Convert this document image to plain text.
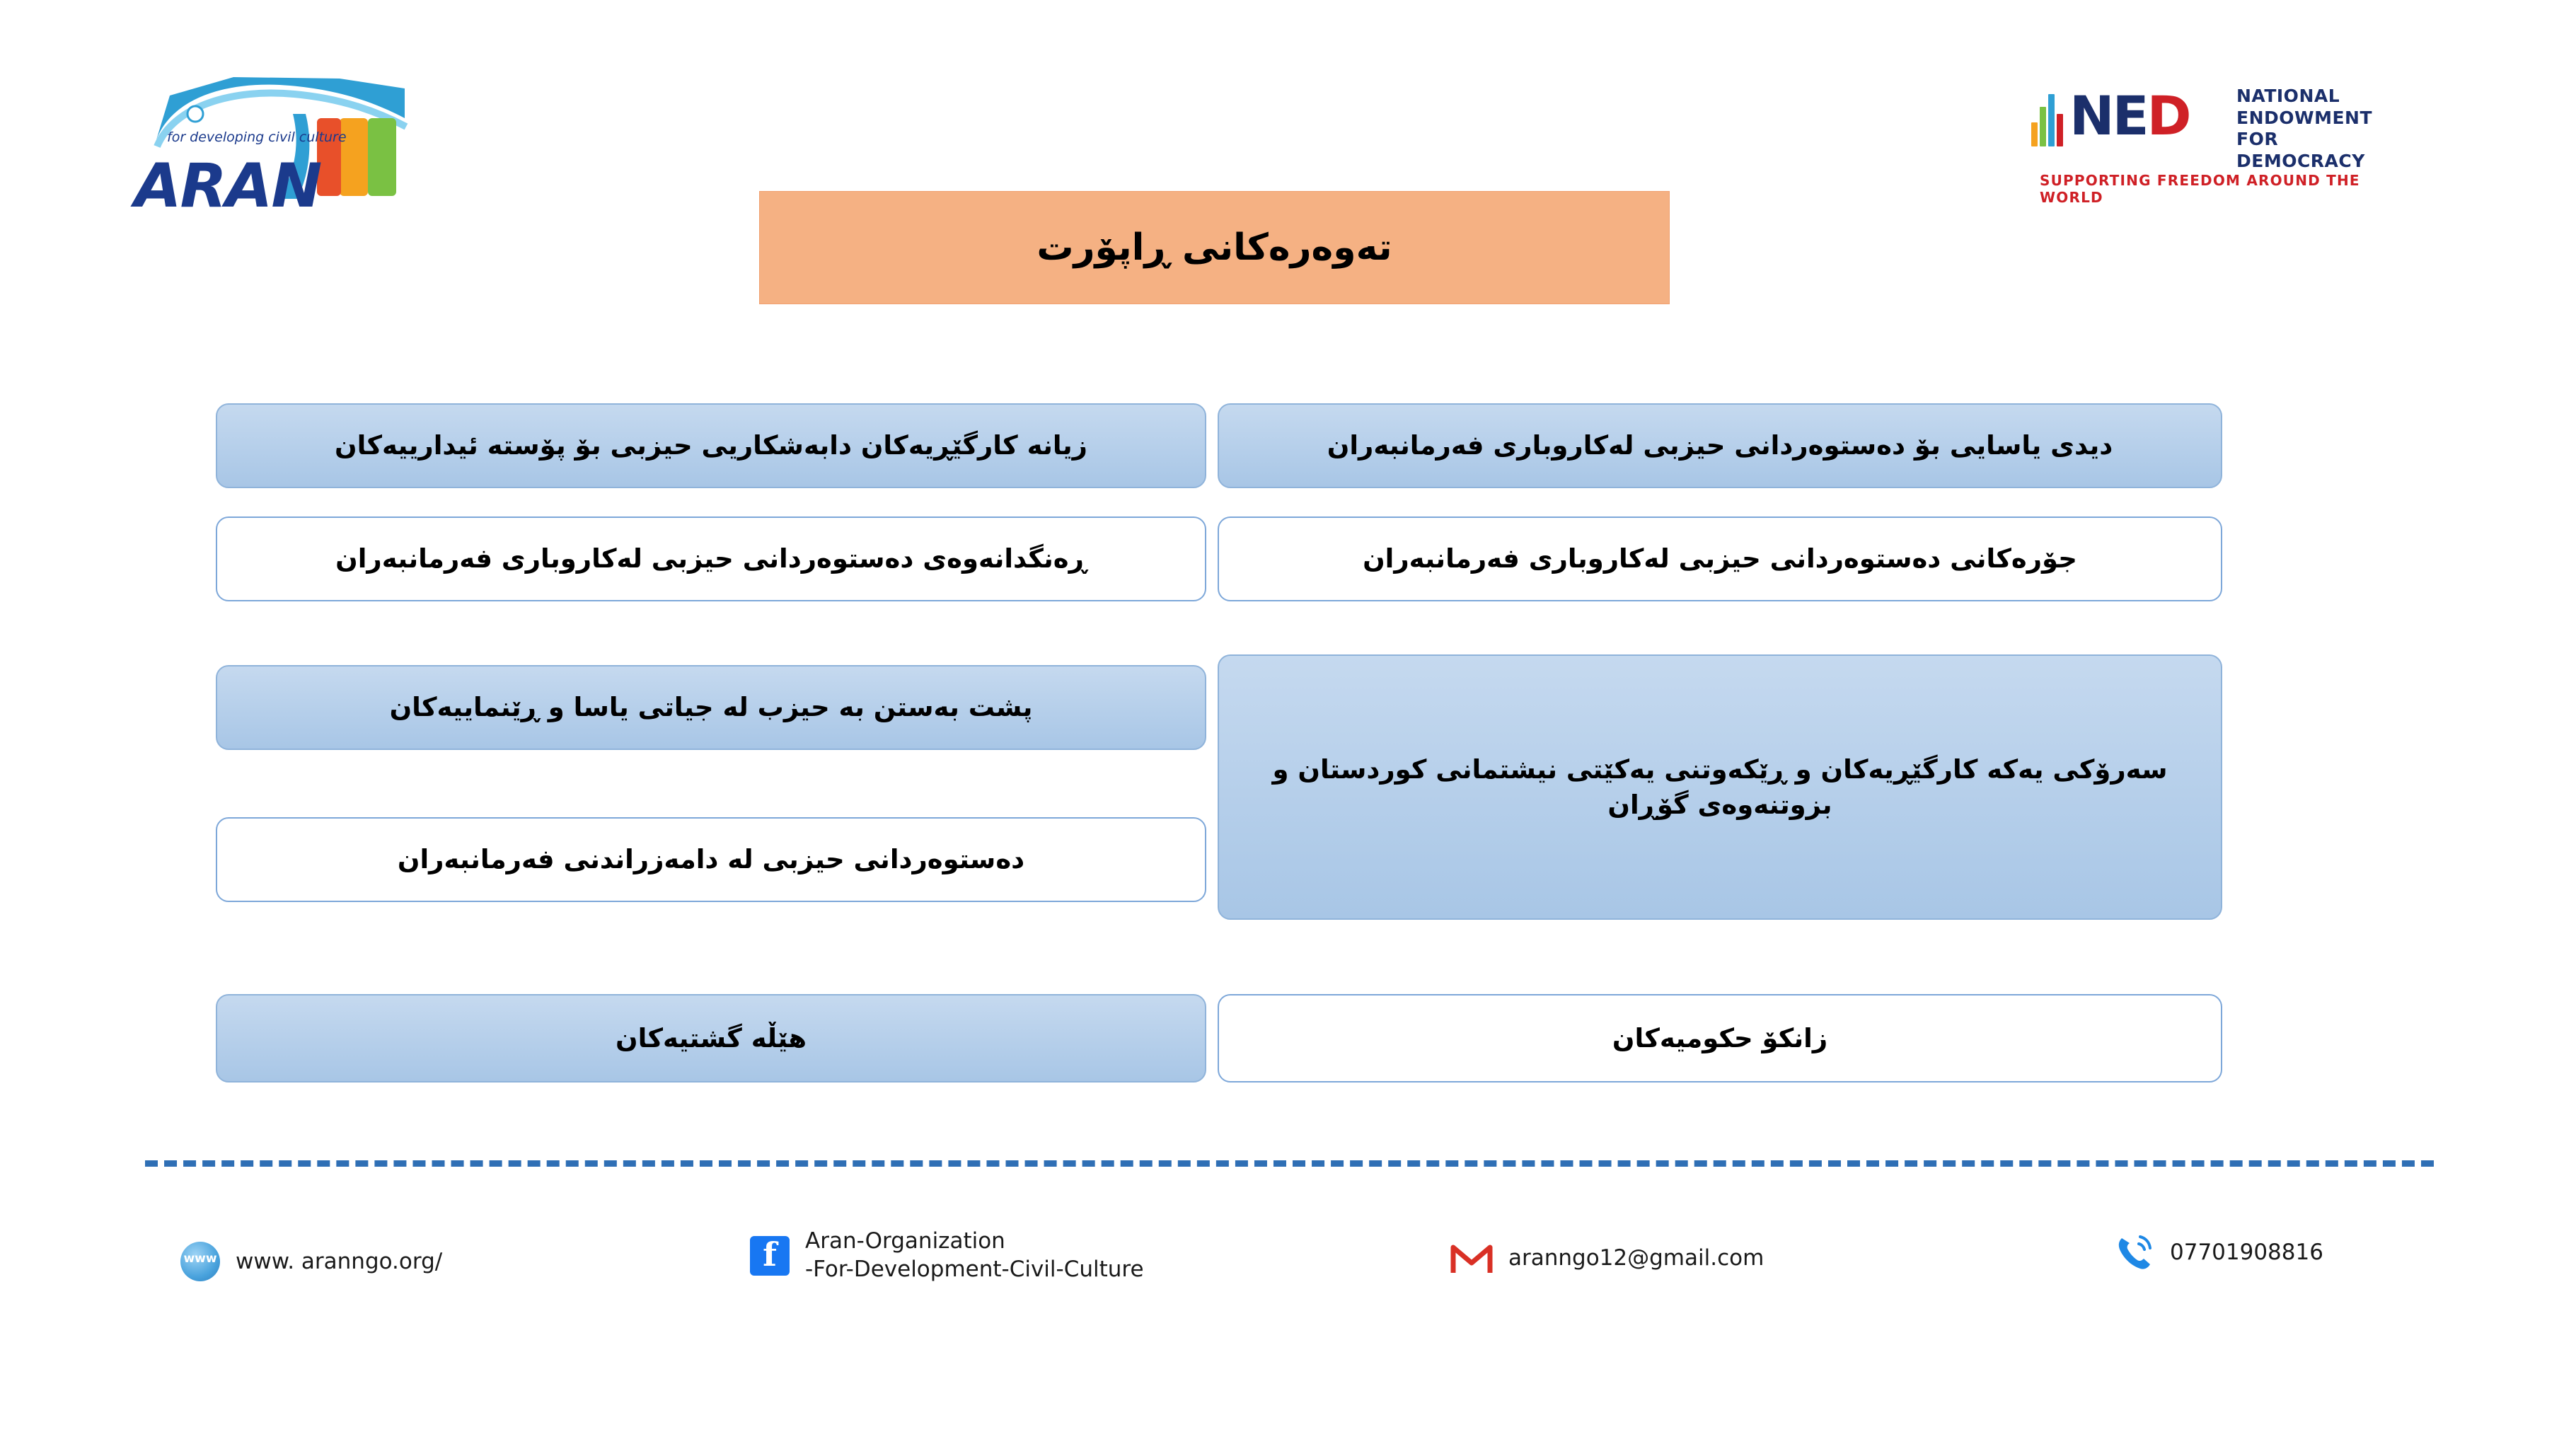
for developing civil culture
ARAN
NED	NATIONAL
ENDOWMENT
FOR
DEMOCRACY
SUPPORTING FREEDOM AROUND THE WORLD
تەوەرەکانی ڕاپۆرت
دیدی یاسایی بۆ دەستوەردانی حیزبی لەکاروباری فەرمانبەران
جۆرەکانی دەستوەردانی حیزبی لەکاروباری فەرمانبەران
سەرۆکی یەکە کارگێڕیەکان و ڕێکەوتنی یەکێتی نیشتمانی کوردستان و بزوتنەوەی گۆڕان
زانکۆ حکومیەکان
زیانە کارگێڕیەکان دابەشکاریی حیزبی بۆ پۆستە ئیدارییەکان
ڕەنگدانەوەی دەستوەردانی حیزبی لەکاروباری فەرمانبەران
پشت بەستن بە حیزب لە جیاتی یاسا و ڕێنماییەکان
دەستوەردانی حیزبی لە دامەزراندنی فەرمانبەران
هێڵە گشتیەکان
www
www. aranngo.org/	f	Aran-Organization
-For-Development-Civil-Culture	aranngo12@gmail.com	07701908816
